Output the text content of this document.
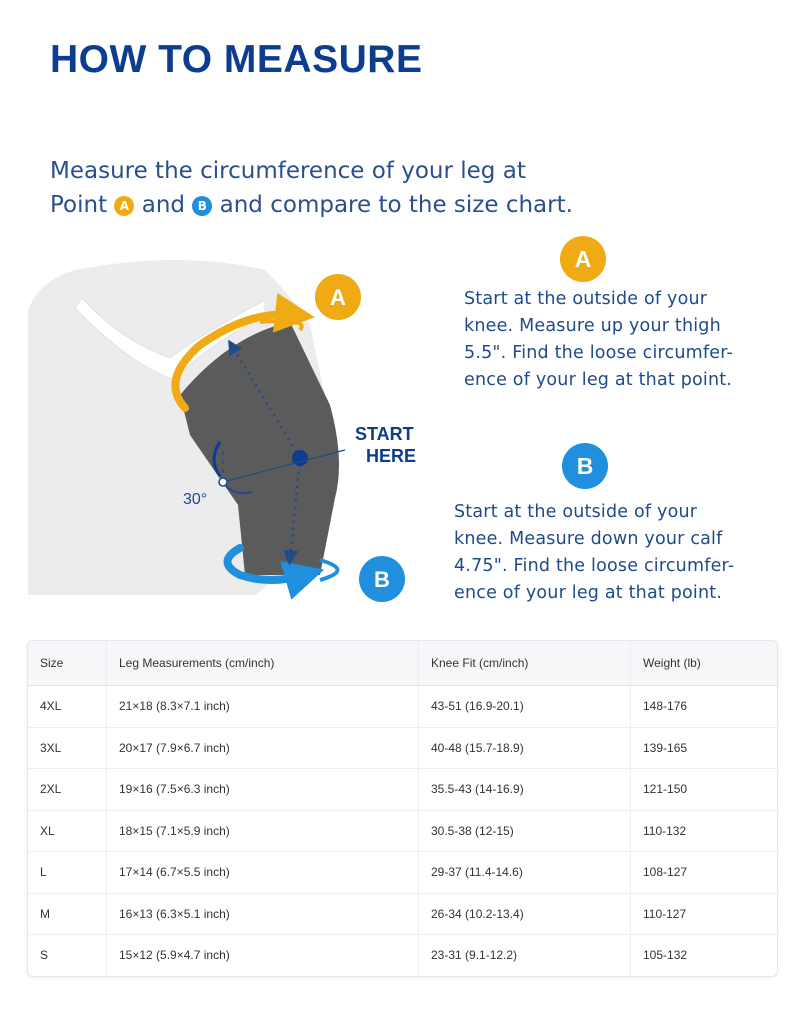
HOW TO MEASURE
Measure the circumference of your leg at
Point A and B and compare to the size chart.
30°
START
HERE
A
B
A
Start at the outside of your
knee. Measure up your thigh
5.5". Find the loose circumfer-
ence of your leg at that point.
B
Start at the outside of your
knee. Measure down your calf
4.75". Find the loose circumfer-
ence of your leg at that point.
Size	Leg Measurements (cm/inch)	Knee Fit (cm/inch)	Weight (lb)
4XL	21×18 (8.3×7.1 inch)	43-51 (16.9-20.1)	148-176
3XL	20×17 (7.9×6.7 inch)	40-48 (15.7-18.9)	139-165
2XL	19×16 (7.5×6.3 inch)	35.5-43 (14-16.9)	121-150
XL	18×15 (7.1×5.9 inch)	30.5-38 (12-15)	110-132
L	17×14 (6.7×5.5 inch)	29-37 (11.4-14.6)	108-127
M	16×13 (6.3×5.1 inch)	26-34 (10.2-13.4)	110-127
S	15×12 (5.9×4.7 inch)	23-31 (9.1-12.2)	105-132
